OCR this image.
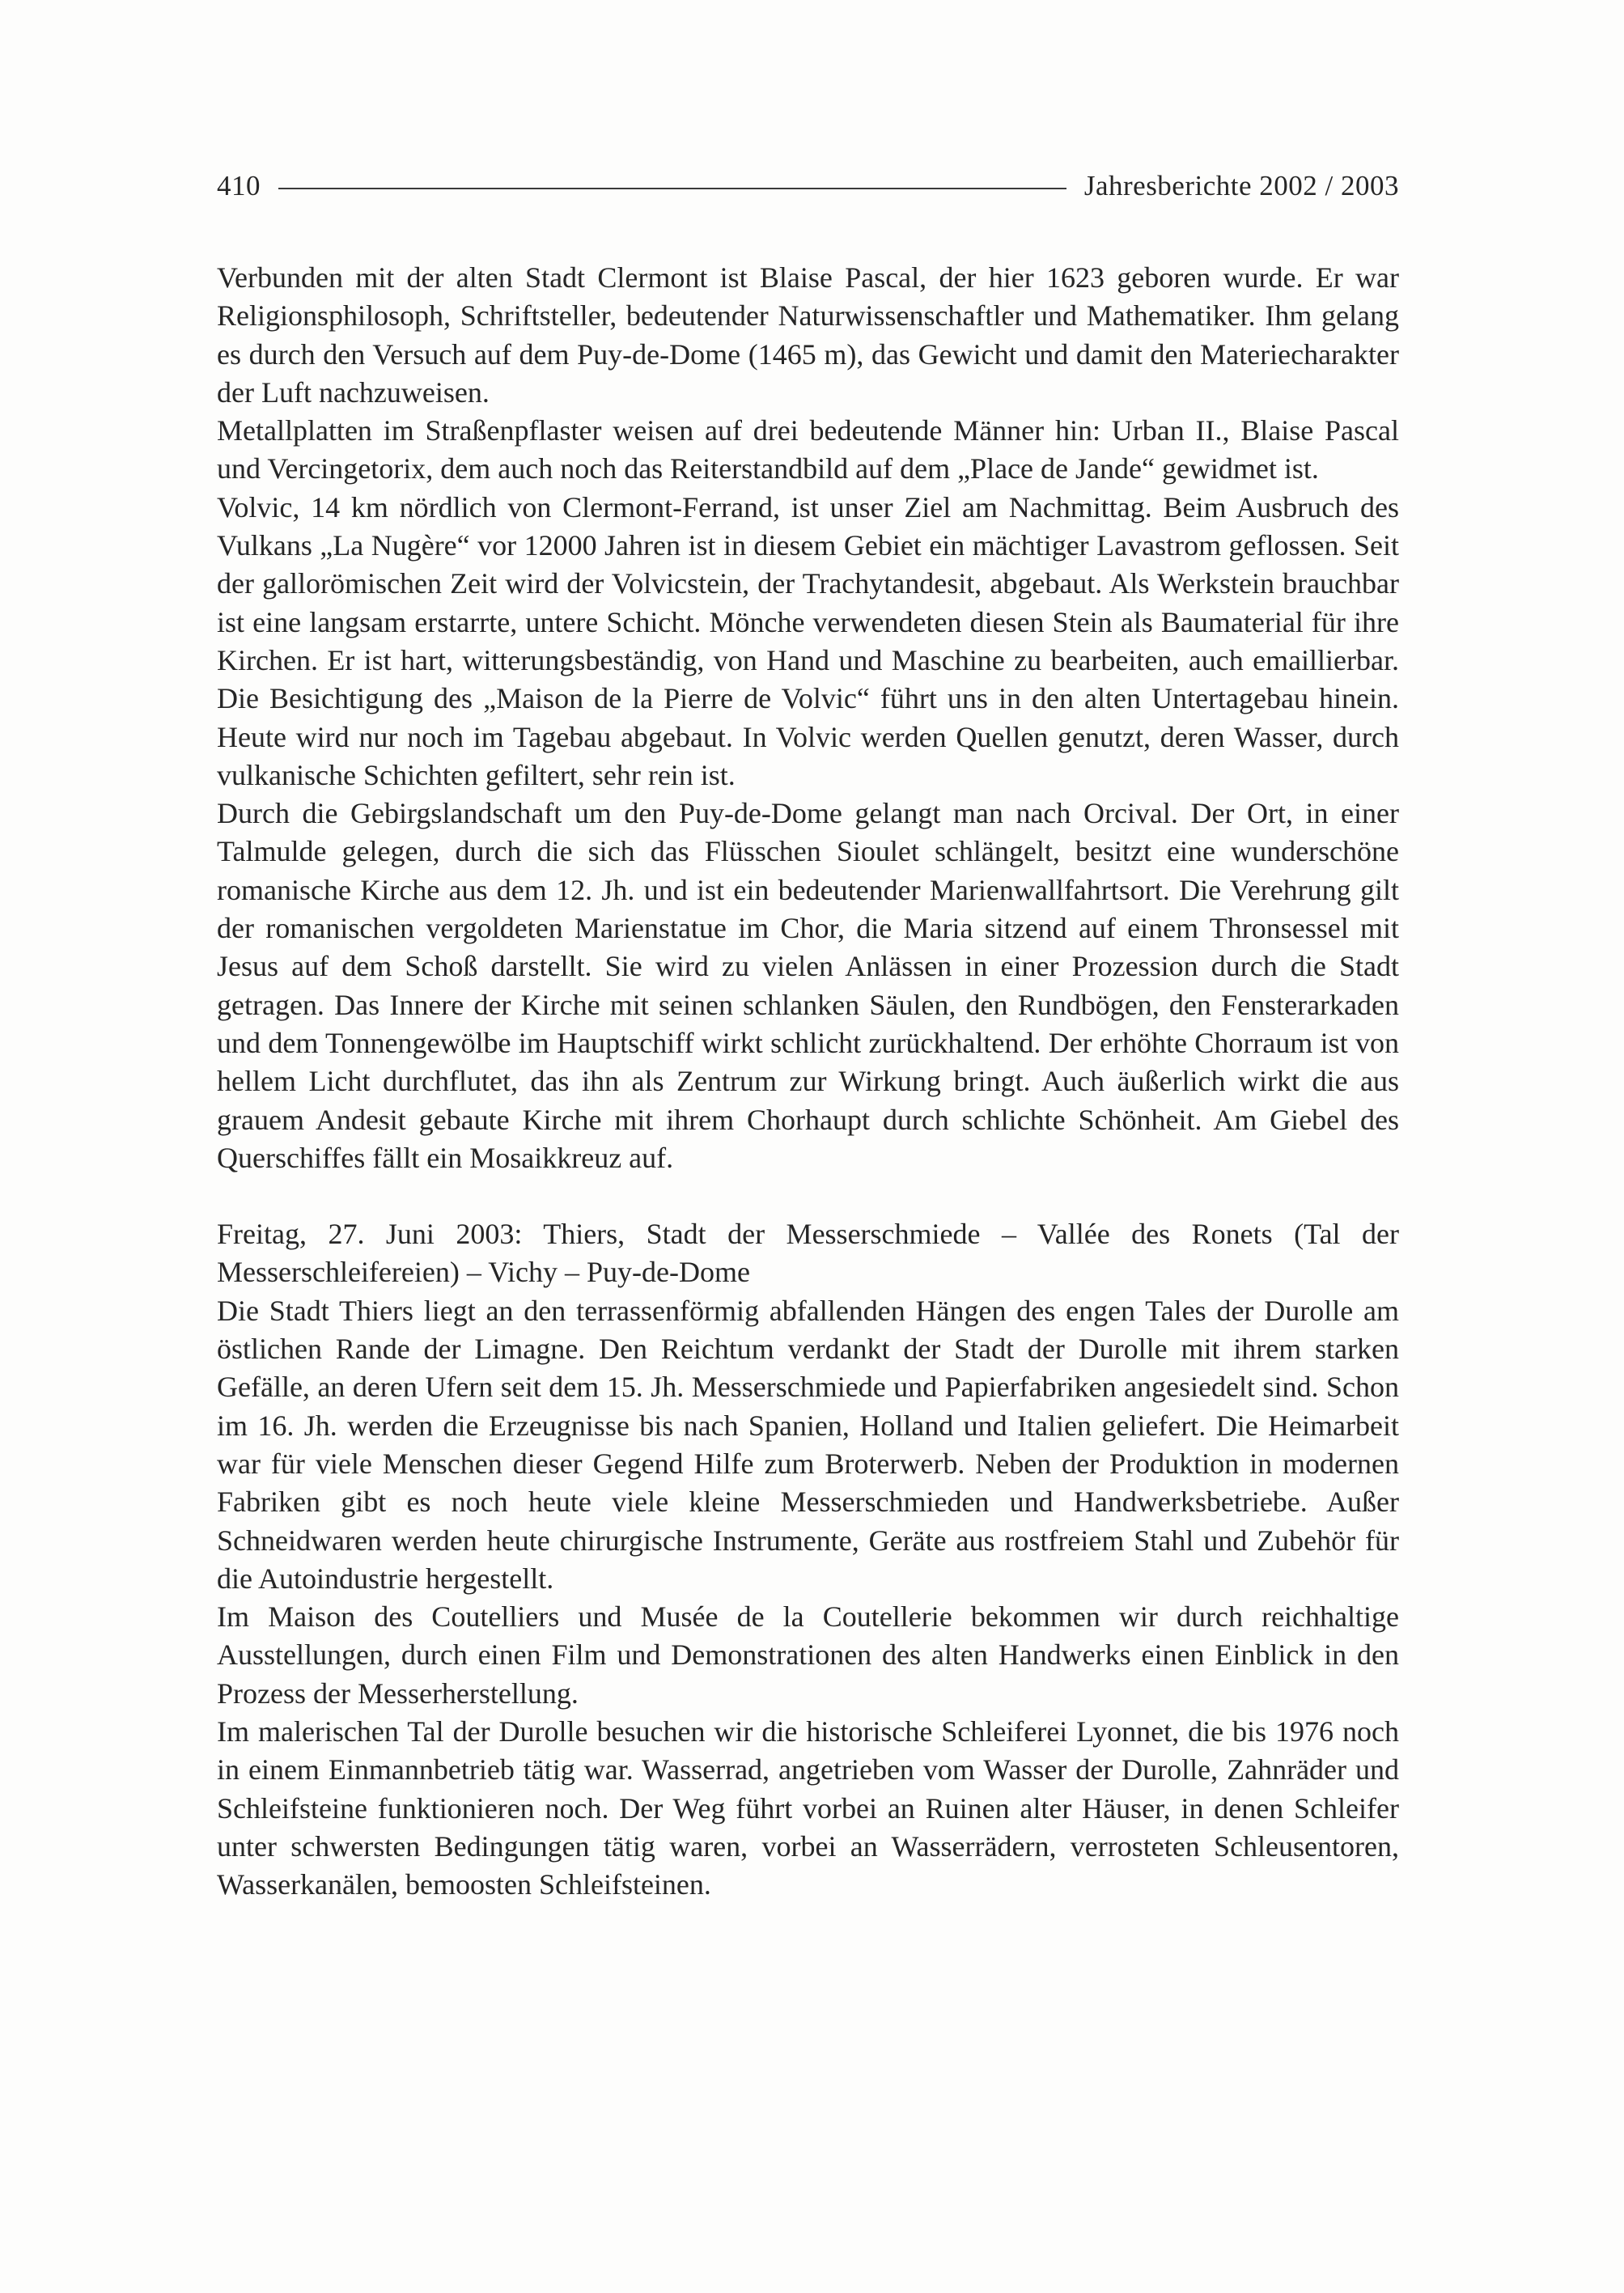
410	Jahresberichte 2002 / 2003

Verbunden mit der alten Stadt Clermont ist Blaise Pascal, der hier 1623 geboren wurde. Er war Religionsphilosoph, Schriftsteller, bedeutender Naturwissenschaftler und Mathematiker. Ihm gelang es durch den Versuch auf dem Puy-de-Dome (1465 m), das Gewicht und damit den Materiecharakter der Luft nachzuweisen.

Metallplatten im Straßenpflaster weisen auf drei bedeutende Männer hin: Urban II., Blaise Pascal und Vercingetorix, dem auch noch das Reiterstandbild auf dem „Place de Jande“ gewidmet ist.

Volvic, 14 km nördlich von Clermont-Ferrand, ist unser Ziel am Nachmittag. Beim Ausbruch des Vulkans „La Nugère“ vor 12000 Jahren ist in diesem Gebiet ein mächtiger Lavastrom geflossen. Seit der gallorömischen Zeit wird der Volvicstein, der Trachytandesit, abgebaut. Als Werkstein brauchbar ist eine langsam erstarrte, untere Schicht. Mönche verwendeten diesen Stein als Baumaterial für ihre Kirchen. Er ist hart, witterungsbeständig, von Hand und Maschine zu bearbeiten, auch emaillierbar. Die Besichtigung des „Maison de la Pierre de Volvic“ führt uns in den alten Untertagebau hinein. Heute wird nur noch im Tagebau abgebaut. In Volvic werden Quellen genutzt, deren Wasser, durch vulkanische Schichten gefiltert, sehr rein ist.

Durch die Gebirgslandschaft um den Puy-de-Dome gelangt man nach Orcival. Der Ort, in einer Talmulde gelegen, durch die sich das Flüsschen Sioulet schlängelt, besitzt eine wunderschöne romanische Kirche aus dem 12. Jh. und ist ein bedeutender Marienwallfahrtsort. Die Verehrung gilt der romanischen vergoldeten Marienstatue im Chor, die Maria sitzend auf einem Thronsessel mit Jesus auf dem Schoß darstellt. Sie wird zu vielen Anlässen in einer Prozession durch die Stadt getragen. Das Innere der Kirche mit seinen schlanken Säulen, den Rundbögen, den Fensterarkaden und dem Tonnengewölbe im Hauptschiff wirkt schlicht zurückhaltend. Der erhöhte Chorraum ist von hellem Licht durchflutet, das ihn als Zentrum zur Wirkung bringt. Auch äußerlich wirkt die aus grauem Andesit gebaute Kirche mit ihrem Chorhaupt durch schlichte Schönheit. Am Giebel des Querschiffes fällt ein Mosaikkreuz auf.

Freitag, 27. Juni 2003: Thiers, Stadt der Messerschmiede – Vallée des Ronets (Tal der Messerschleifereien) – Vichy – Puy-de-Dome

Die Stadt Thiers liegt an den terrassenförmig abfallenden Hängen des engen Tales der Durolle am östlichen Rande der Limagne. Den Reichtum verdankt der Stadt der Durolle mit ihrem starken Gefälle, an deren Ufern seit dem 15. Jh. Messerschmiede und Papierfabriken angesiedelt sind. Schon im 16. Jh. werden die Erzeugnisse bis nach Spanien, Holland und Italien geliefert. Die Heimarbeit war für viele Menschen dieser Gegend Hilfe zum Broterwerb. Neben der Produktion in modernen Fabriken gibt es noch heute viele kleine Messerschmieden und Handwerksbetriebe. Außer Schneidwaren werden heute chirurgische Instrumente, Geräte aus rostfreiem Stahl und Zubehör für die Autoindustrie hergestellt.

Im Maison des Coutelliers und Musée de la Coutellerie bekommen wir durch reichhaltige Ausstellungen, durch einen Film und Demonstrationen des alten Handwerks einen Einblick in den Prozess der Messerherstellung.

Im malerischen Tal der Durolle besuchen wir die historische Schleiferei Lyonnet, die bis 1976 noch in einem Einmannbetrieb tätig war. Wasserrad, angetrieben vom Wasser der Durolle, Zahnräder und Schleifsteine funktionieren noch. Der Weg führt vorbei an Ruinen alter Häuser, in denen Schleifer unter schwersten Bedingungen tätig waren, vorbei an Wasserrädern, verrosteten Schleusentoren, Wasserkanälen, bemoosten Schleifsteinen.
